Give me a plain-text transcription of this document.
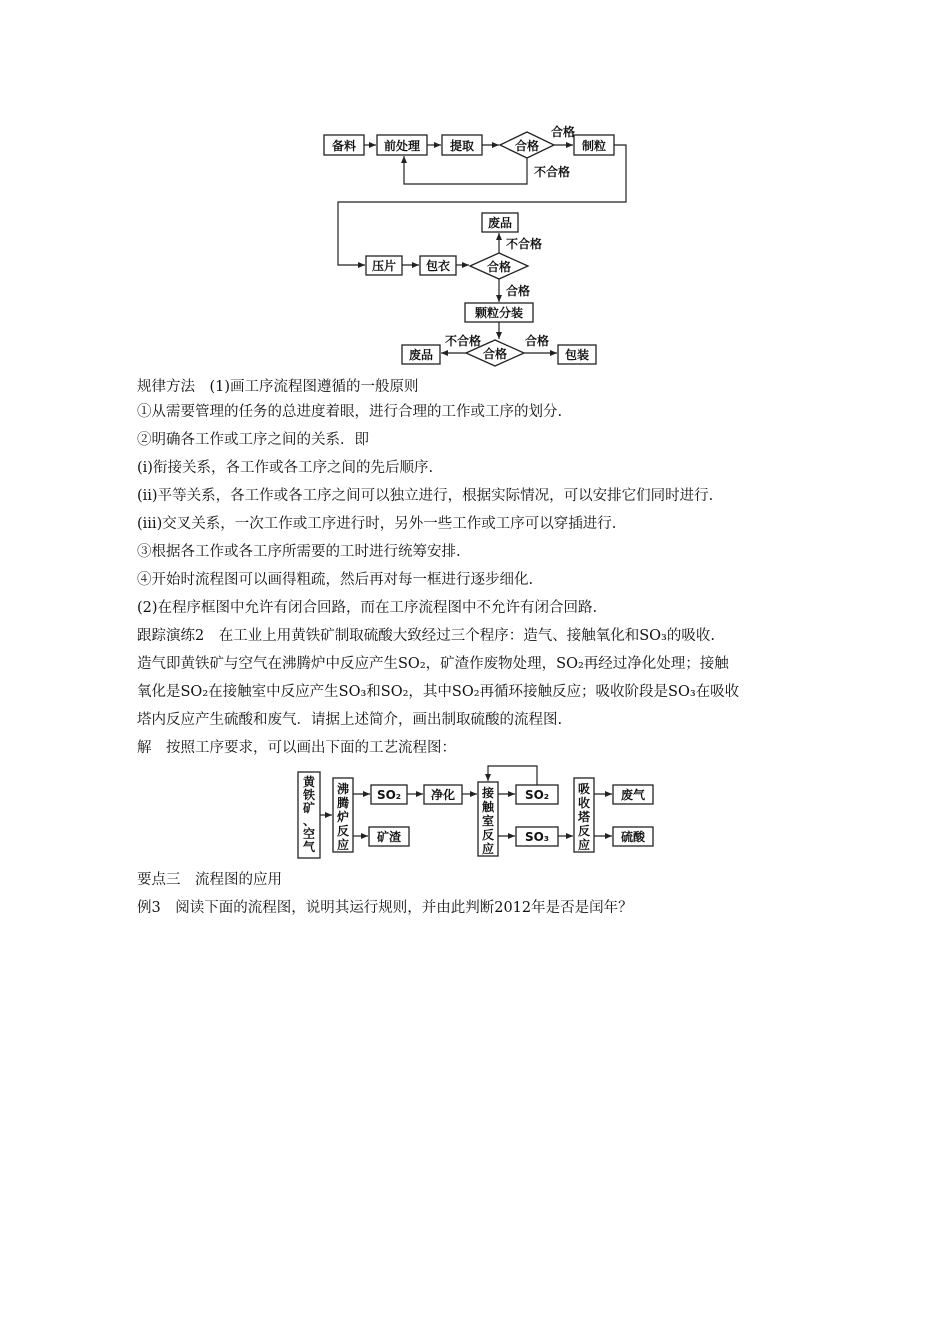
备料 前处理 提取	合格	制粒
合格
不合格
压片 包衣	合格
废品
不合格
合格
颗粒分装
合格
废品	包装
不合格	合格
规律方法　(1)画工序流程图遵循的一般原则
①从需要管理的任务的总进度着眼，进行合理的工作或工序的划分.
②明确各工作或工序之间的关系．即
(ⅰ)衔接关系，各工作或各工序之间的先后顺序.
(ⅱ)平等关系，各工作或各工序之间可以独立进行，根据实际情况，可以安排它们同时进行.
(ⅲ)交叉关系，一次工作或工序进行时，另外一些工作或工序可以穿插进行.
③根据各工作或各工序所需要的工时进行统筹安排.
④开始时流程图可以画得粗疏，然后再对每一框进行逐步细化.
(2)在程序框图中允许有闭合回路，而在工序流程图中不允许有闭合回路.
跟踪演练2　在工业上用黄铁矿制取硫酸大致经过三个程序：造气、接触氧化和SO₃的吸收.
造气即黄铁矿与空气在沸腾炉中反应产生SO₂，矿渣作废物处理，SO₂再经过净化处理；接触
氧化是SO₂在接触室中反应产生SO₃和SO₂，其中SO₂再循环接触反应；吸收阶段是SO₃在吸收
塔内反应产生硫酸和废气．请据上述简介，画出制取硫酸的流程图.
解　按照工序要求，可以画出下面的工艺流程图：
黄
铁
矿
、
空
气
沸
腾
炉
反
应
SO₂
矿渣
净化 接
触
室
反
应
SO₂
SO₃
吸
收
塔
反
应
废气
硫酸
要点三　流程图的应用
例3　阅读下面的流程图，说明其运行规则，并由此判断2012年是否是闰年？
